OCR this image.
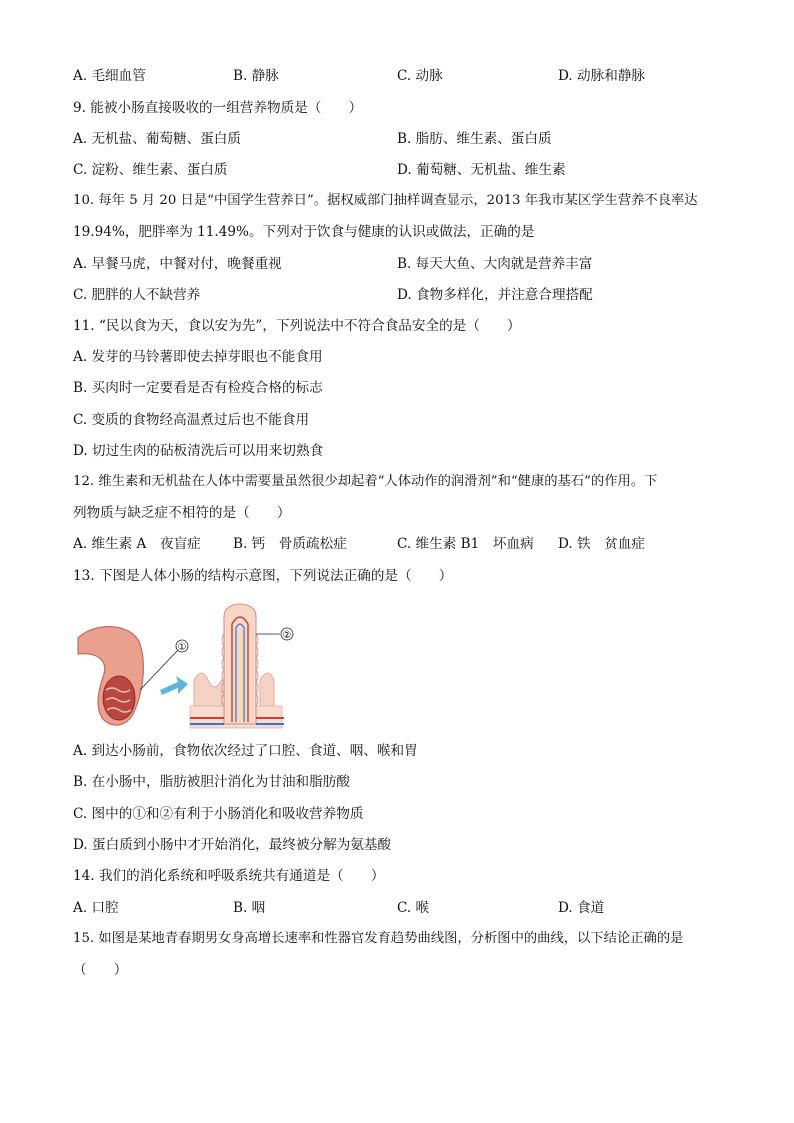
A. 毛细血管	B. 静脉	C. 动脉	D. 动脉和静脉
9. 能被小肠直接吸收的一组营养物质是（　　）
A. 无机盐、葡萄糖、蛋白质	B. 脂肪、维生素、蛋白质
C. 淀粉、维生素、蛋白质	D. 葡萄糖、无机盐、维生素
10. 每年 5 月 20 日是“中国学生营养日”。据权威部门抽样调查显示，2013 年我市某区学生营养不良率达
19.94%，肥胖率为 11.49%。下列对于饮食与健康的认识或做法，正确的是
A. 早餐马虎，中餐对付，晚餐重视	B. 每天大鱼、大肉就是营养丰富
C. 肥胖的人不缺营养	D. 食物多样化，并注意合理搭配
11. “民以食为天，食以安为先”，下列说法中不符合食品安全的是（　　）
A. 发芽的马铃薯即使去掉芽眼也不能食用
B. 买肉时一定要看是否有检疫合格的标志
C. 变质的食物经高温煮过后也不能食用
D. 切过生肉的砧板清洗后可以用来切熟食
12. 维生素和无机盐在人体中需要量虽然很少却起着“人体动作的润滑剂”和“健康的基石”的作用。下
列物质与缺乏症不相符的是（　　）
A. 维生素 A　夜盲症 B. 钙　骨质疏松症	C. 维生素 B1　坏血病 D. 铁　贫血症
13. 下图是人体小肠的结构示意图，下列说法正确的是（　　）
①
②
A. 到达小肠前，食物依次经过了口腔、食道、咽、喉和胃
B. 在小肠中，脂肪被胆汁消化为甘油和脂肪酸
C. 图中的①和②有利于小肠消化和吸收营养物质
D. 蛋白质到小肠中才开始消化，最终被分解为氨基酸
14. 我们的消化系统和呼吸系统共有通道是（　　）
A. 口腔	B. 咽	C. 喉	D. 食道
15. 如图是某地青春期男女身高增长速率和性器官发育趋势曲线图，分析图中的曲线，以下结论正确的是
（　　）
